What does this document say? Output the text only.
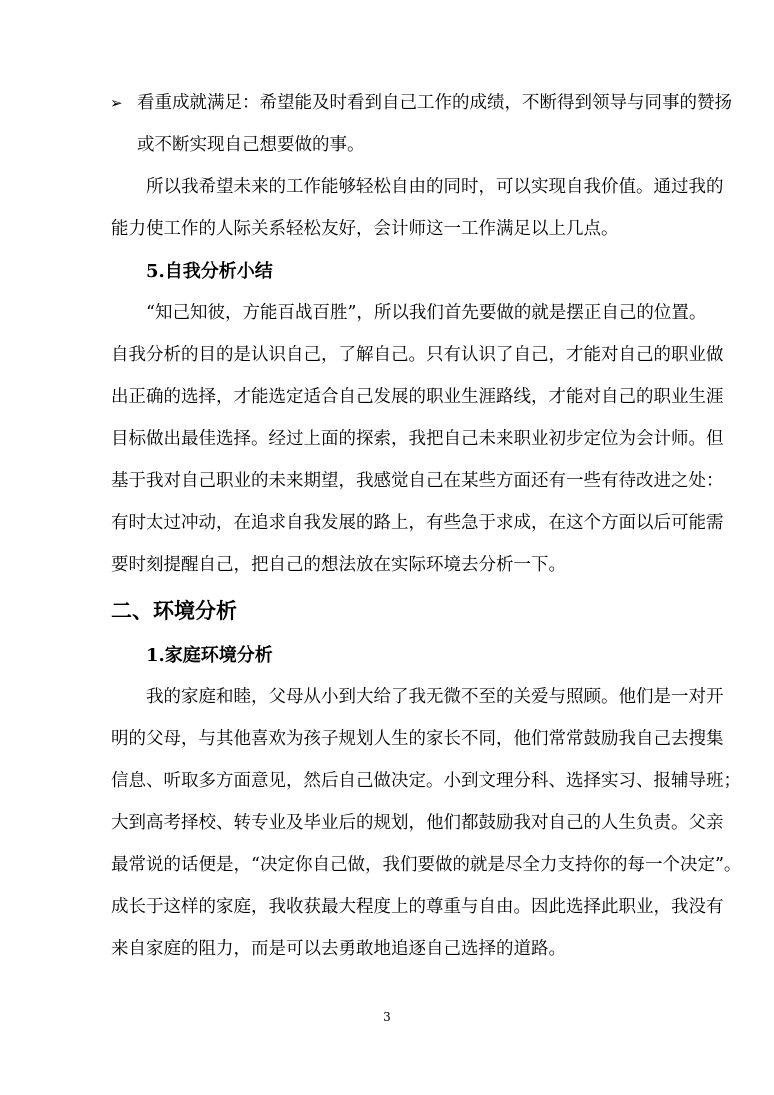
➢ 看重成就满足：希望能及时看到自己工作的成绩，不断得到领导与同事的赞扬
或不断实现自己想要做的事。
所以我希望未来的工作能够轻松自由的同时，可以实现自我价值。通过我的
能力使工作的人际关系轻松友好，会计师这一工作满足以上几点。
5.自我分析小结
“知己知彼，方能百战百胜”，所以我们首先要做的就是摆正自己的位置。
自我分析的目的是认识自己，了解自己。只有认识了自己，才能对自己的职业做
出正确的选择，才能选定适合自己发展的职业生涯路线，才能对自己的职业生涯
目标做出最佳选择。经过上面的探索，我把自己未来职业初步定位为会计师。但
基于我对自己职业的未来期望，我感觉自己在某些方面还有一些有待改进之处：
有时太过冲动，在追求自我发展的路上，有些急于求成，在这个方面以后可能需
要时刻提醒自己，把自己的想法放在实际环境去分析一下。
二、环境分析
1.家庭环境分析
我的家庭和睦，父母从小到大给了我无微不至的关爱与照顾。他们是一对开
明的父母，与其他喜欢为孩子规划人生的家长不同，他们常常鼓励我自己去搜集
信息、听取多方面意见，然后自己做决定。小到文理分科、选择实习、报辅导班；
大到高考择校、转专业及毕业后的规划，他们都鼓励我对自己的人生负责。父亲
最常说的话便是，“决定你自己做，我们要做的就是尽全力支持你的每一个决定”。
成长于这样的家庭，我收获最大程度上的尊重与自由。因此选择此职业，我没有
来自家庭的阻力，而是可以去勇敢地追逐自己选择的道路。
3
